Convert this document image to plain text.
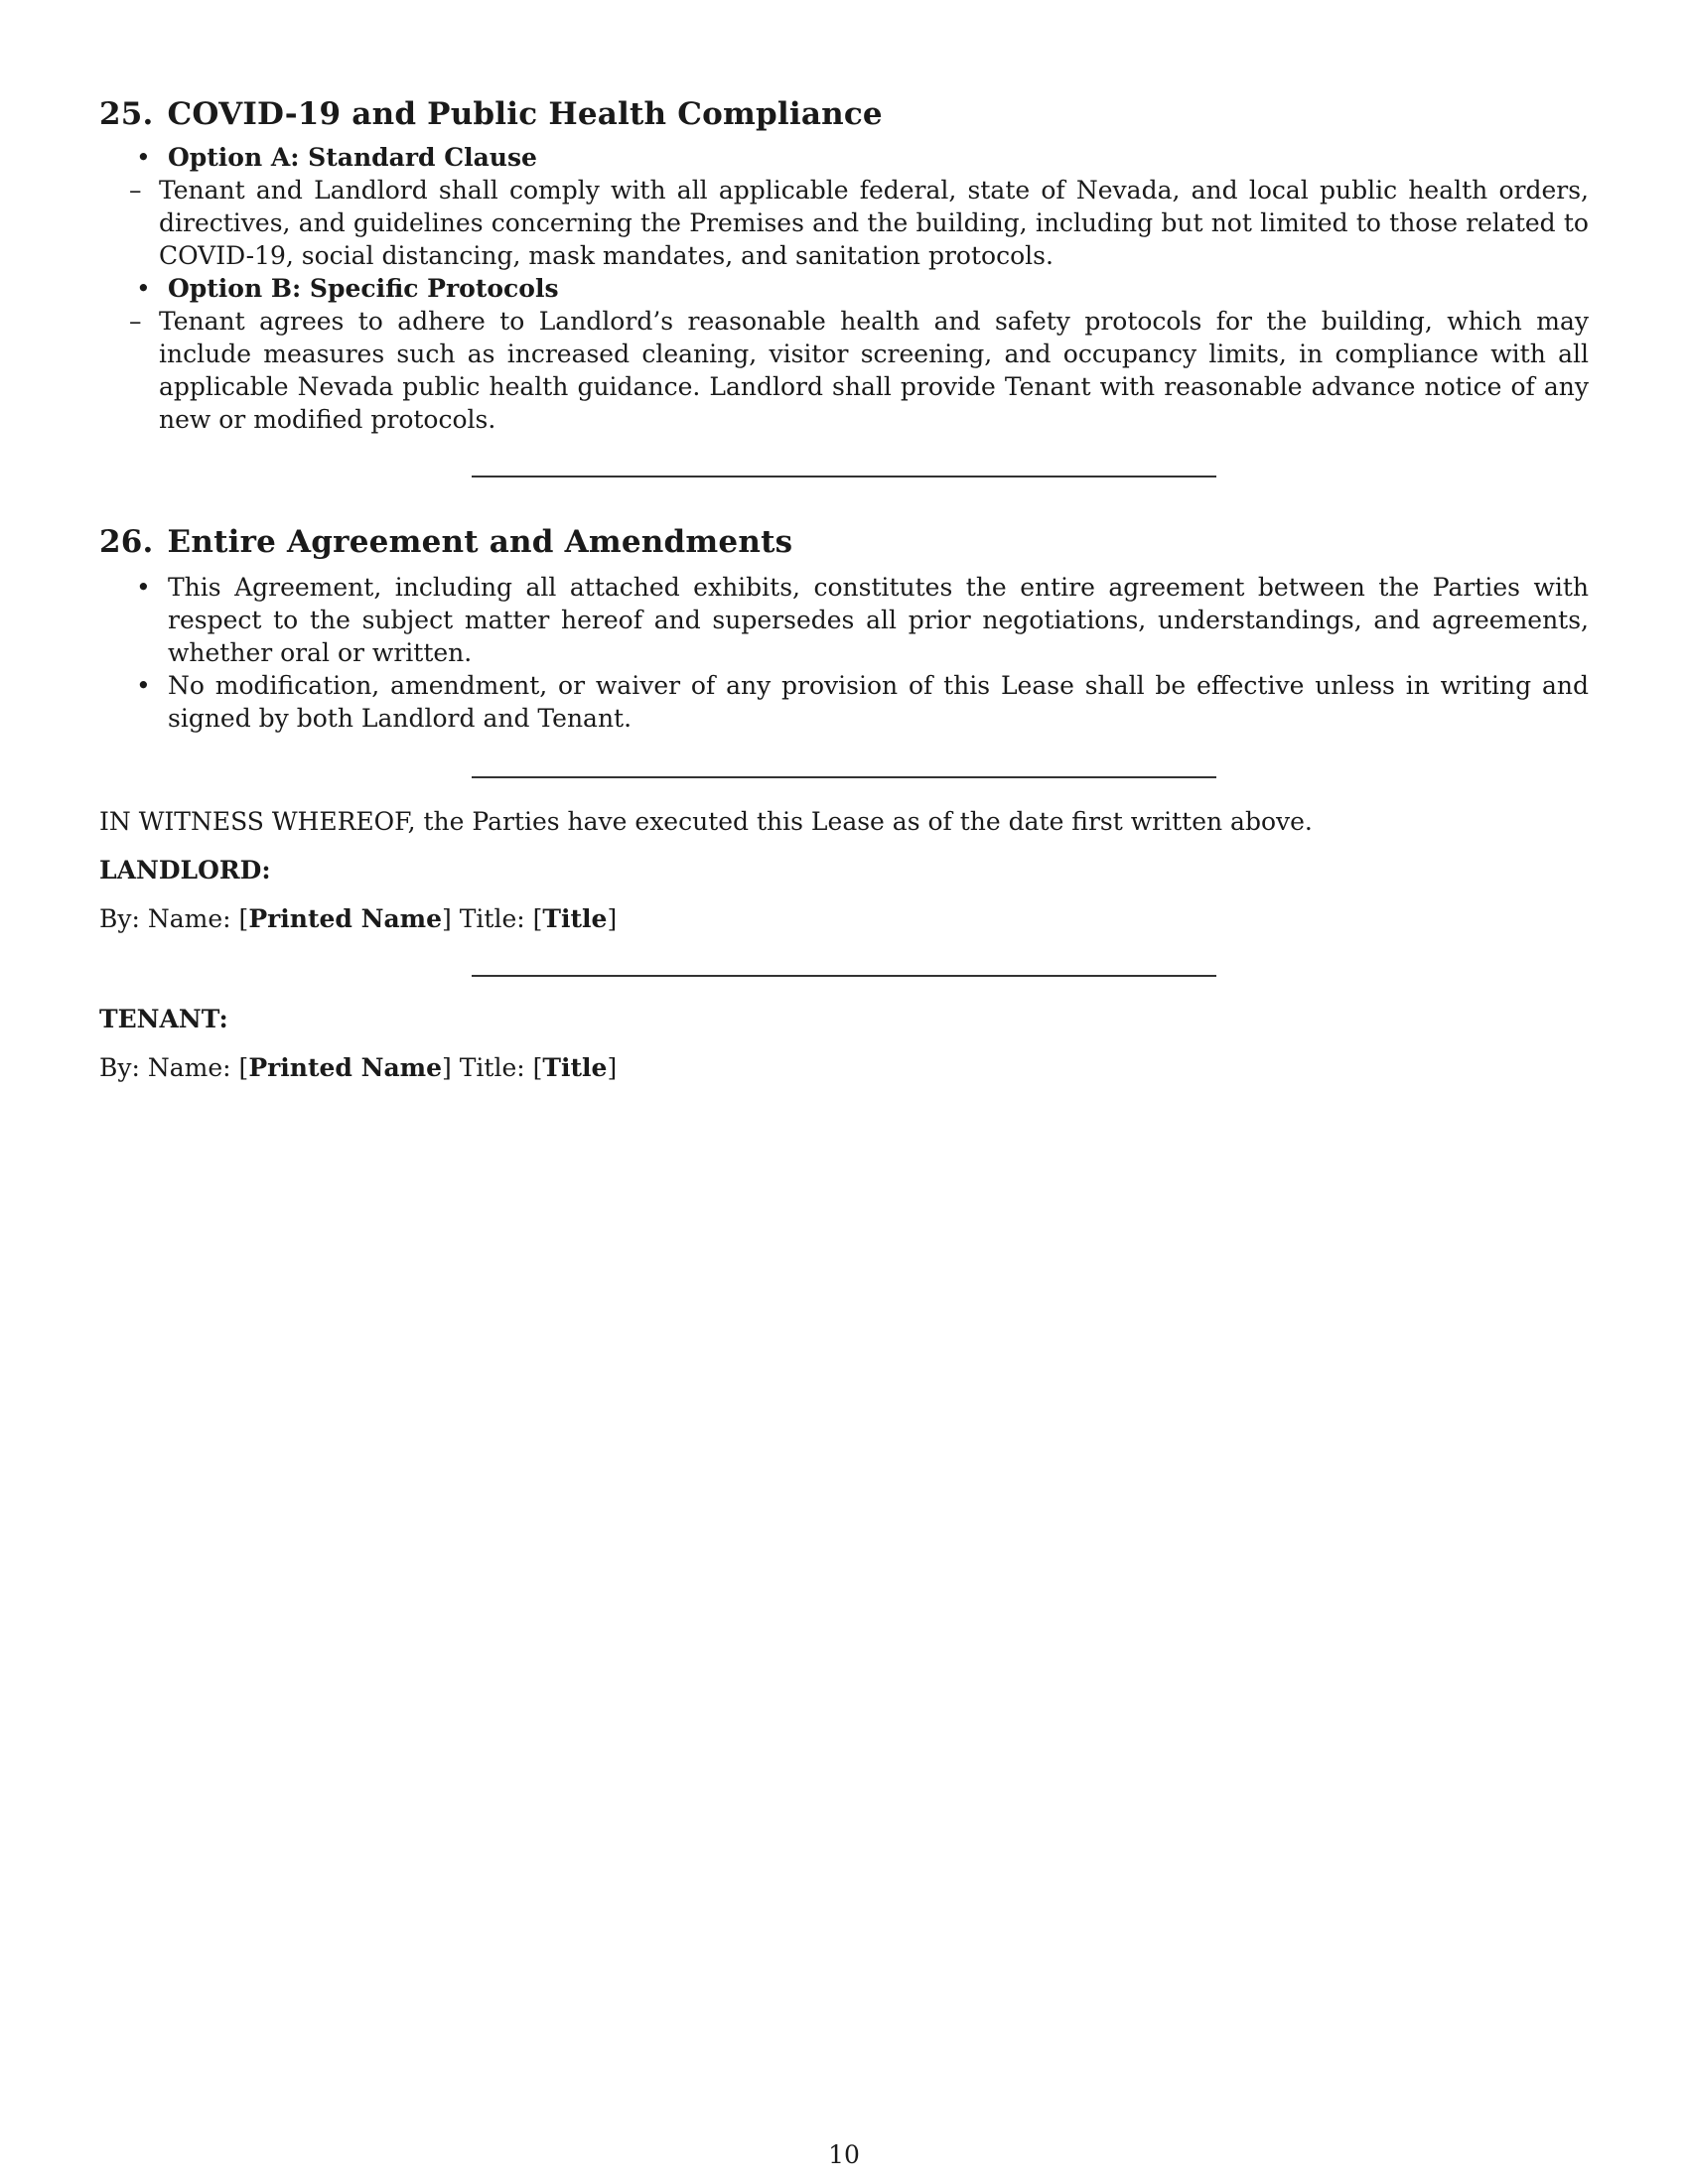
25. COVID-19 and Public Health Compliance
• Option A: Standard Clause
– Tenant and Landlord shall comply with all applicable federal, state of Nevada, and local public health orders, directives, and guidelines concerning the Premises and the building, including but not limited to those related to COVID-19, social distancing, mask mandates, and sanitation protocols.
• Option B: Specific Protocols
– Tenant agrees to adhere to Landlord’s reasonable health and safety protocols for the building, which may include measures such as increased cleaning, visitor screening, and occupancy limits, in compliance with all applicable Nevada public health guidance. Landlord shall provide Tenant with reasonable advance notice of any new or modified protocols.
26. Entire Agreement and Amendments
• This Agreement, including all attached exhibits, constitutes the entire agreement between the Parties with respect to the subject matter hereof and supersedes all prior negotiations, understandings, and agreements, whether oral or written.
• No modification, amendment, or waiver of any provision of this Lease shall be effective unless in writing and signed by both Landlord and Tenant.

IN WITNESS WHEREOF, the Parties have executed this Lease as of the date first written above.

LANDLORD:

By: Name: [Printed Name] Title: [Title]

TENANT:

By: Name: [Printed Name] Title: [Title]

10
